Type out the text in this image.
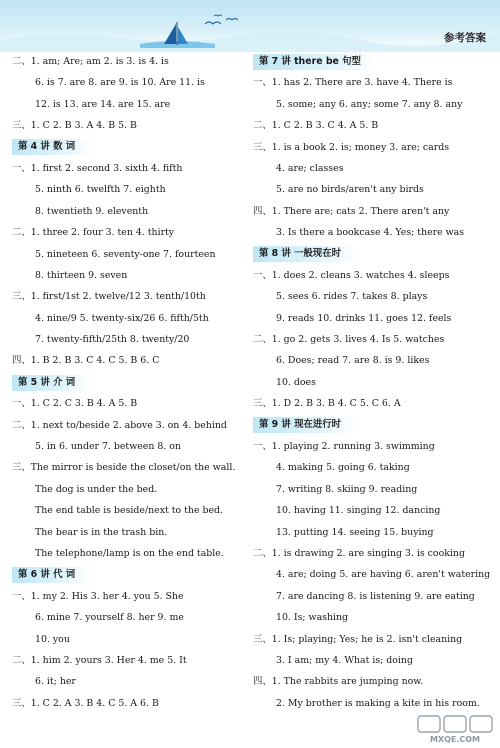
参考答案
二、1. am; Are; am 2. is 3. is 4. is
6. is 7. are 8. are 9. is 10. Are 11. is
12. is 13. are 14. are 15. are
三、1. C 2. B 3. A 4. B 5. B
第 4 讲 数 词
一、1. first 2. second 3. sixth 4. fifth
5. ninth 6. twelfth 7. eighth
8. twentieth 9. eleventh
二、1. three 2. four 3. ten 4. thirty
5. nineteen 6. seventy-one 7. fourteen
8. thirteen 9. seven
三、1. first/1st 2. twelve/12 3. tenth/10th
4. nine/9 5. twenty-six/26 6. fifth/5th
7. twenty-fifth/25th 8. twenty/20
四、1. B 2. B 3. C 4. C 5. B 6. C
第 5 讲 介 词
一、1. C 2. C 3. B 4. A 5. B
二、1. next to/beside 2. above 3. on 4. behind
5. in 6. under 7. between 8. on
三、The mirror is beside the closet/on the wall.
The dog is under the bed.
The end table is beside/next to the bed.
The bear is in the trash bin.
The telephone/lamp is on the end table.
第 6 讲 代 词
一、1. my 2. His 3. her 4. you 5. She
6. mine 7. yourself 8. her 9. me
10. you
二、1. him 2. yours 3. Her 4. me 5. It
6. it; her
三、1. C 2. A 3. B 4. C 5. A 6. B
第 7 讲 there be 句型
一、1. has 2. There are 3. have 4. There is
5. some; any 6. any; some 7. any 8. any
二、1. C 2. B 3. C 4. A 5. B
三、1. is a book 2. is; money 3. are; cards
4. are; classes
5. are no birds/aren't any birds
四、1. There are; cats 2. There aren't any
3. Is there a bookcase 4. Yes; there was
第 8 讲 一般现在时
一、1. does 2. cleans 3. watches 4. sleeps
5. sees 6. rides 7. takes 8. plays
9. reads 10. drinks 11. goes 12. feels
二、1. go 2. gets 3. lives 4. Is 5. watches
6. Does; read 7. are 8. is 9. likes
10. does
三、1. D 2. B 3. B 4. C 5. C 6. A
第 9 讲 现在进行时
一、1. playing 2. running 3. swimming
4. making 5. going 6. taking
7. writing 8. skiing 9. reading
10. having 11. singing 12. dancing
13. putting 14. seeing 15. buying
二、1. is drawing 2. are singing 3. is cooking
4. are; doing 5. are having 6. aren't watering
7. are dancing 8. is listening 9. are eating
10. Is; washing
三、1. Is; playing; Yes; he is 2. isn't cleaning
3. I am; my 4. What is; doing
四、1. The rabbits are jumping now.
2. My brother is making a kite in his room.
MXQE.COM
